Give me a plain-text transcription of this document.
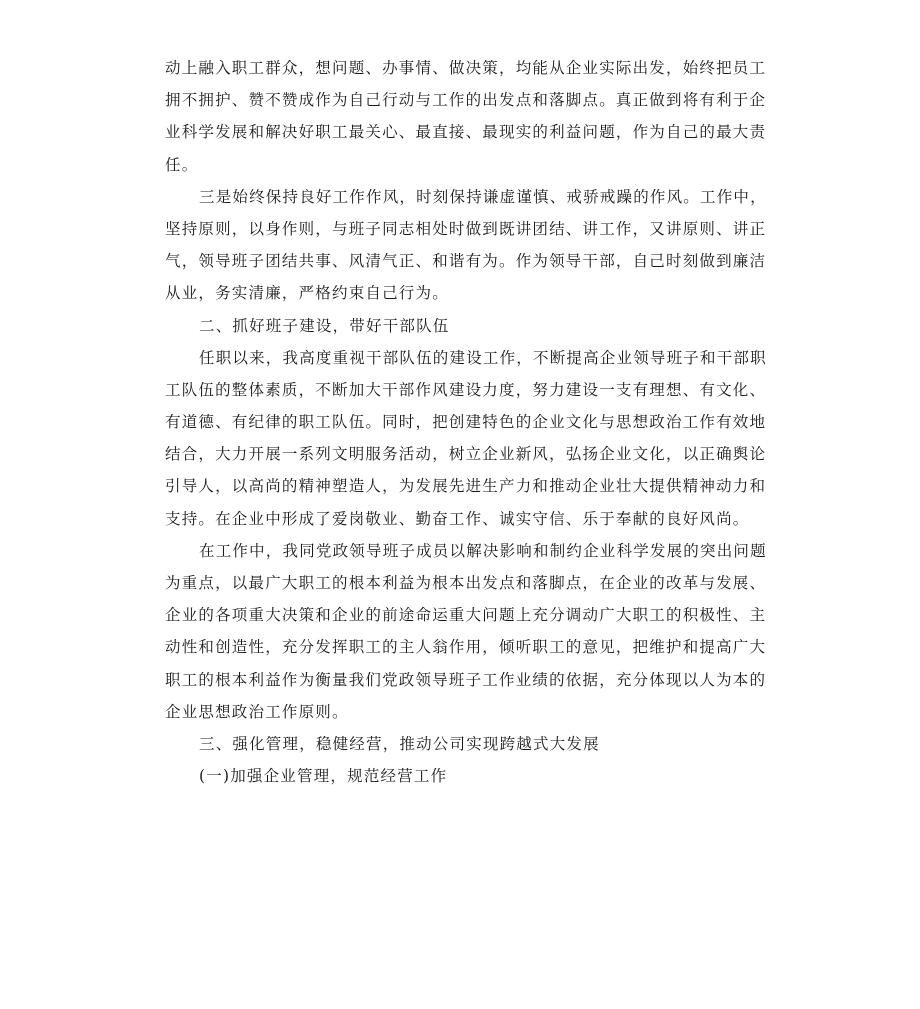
动上融入职工群众，想问题、办事情、做决策，均能从企业实际出发，始终把员工
拥不拥护、赞不赞成作为自己行动与工作的出发点和落脚点。真正做到将有利于企
业科学发展和解决好职工最关心、最直接、最现实的利益问题，作为自己的最大责
任。
三是始终保持良好工作作风，时刻保持谦虚谨慎、戒骄戒躁的作风。工作中，
坚持原则，以身作则，与班子同志相处时做到既讲团结、讲工作，又讲原则、讲正
气，领导班子团结共事、风清气正、和谐有为。作为领导干部，自己时刻做到廉洁
从业，务实清廉，严格约束自己行为。
二、抓好班子建设，带好干部队伍
任职以来，我高度重视干部队伍的建设工作，不断提高企业领导班子和干部职
工队伍的整体素质，不断加大干部作风建设力度，努力建设一支有理想、有文化、
有道德、有纪律的职工队伍。同时，把创建特色的企业文化与思想政治工作有效地
结合，大力开展一系列文明服务活动，树立企业新风，弘扬企业文化，以正确舆论
引导人，以高尚的精神塑造人，为发展先进生产力和推动企业壮大提供精神动力和
支持。在企业中形成了爱岗敬业、勤奋工作、诚实守信、乐于奉献的良好风尚。
在工作中，我同党政领导班子成员以解决影响和制约企业科学发展的突出问题
为重点，以最广大职工的根本利益为根本出发点和落脚点，在企业的改革与发展、
企业的各项重大决策和企业的前途命运重大问题上充分调动广大职工的积极性、主
动性和创造性，充分发挥职工的主人翁作用，倾听职工的意见，把维护和提高广大
职工的根本利益作为衡量我们党政领导班子工作业绩的依据，充分体现以人为本的
企业思想政治工作原则。
三、强化管理，稳健经营，推动公司实现跨越式大发展
(一)加强企业管理，规范经营工作
